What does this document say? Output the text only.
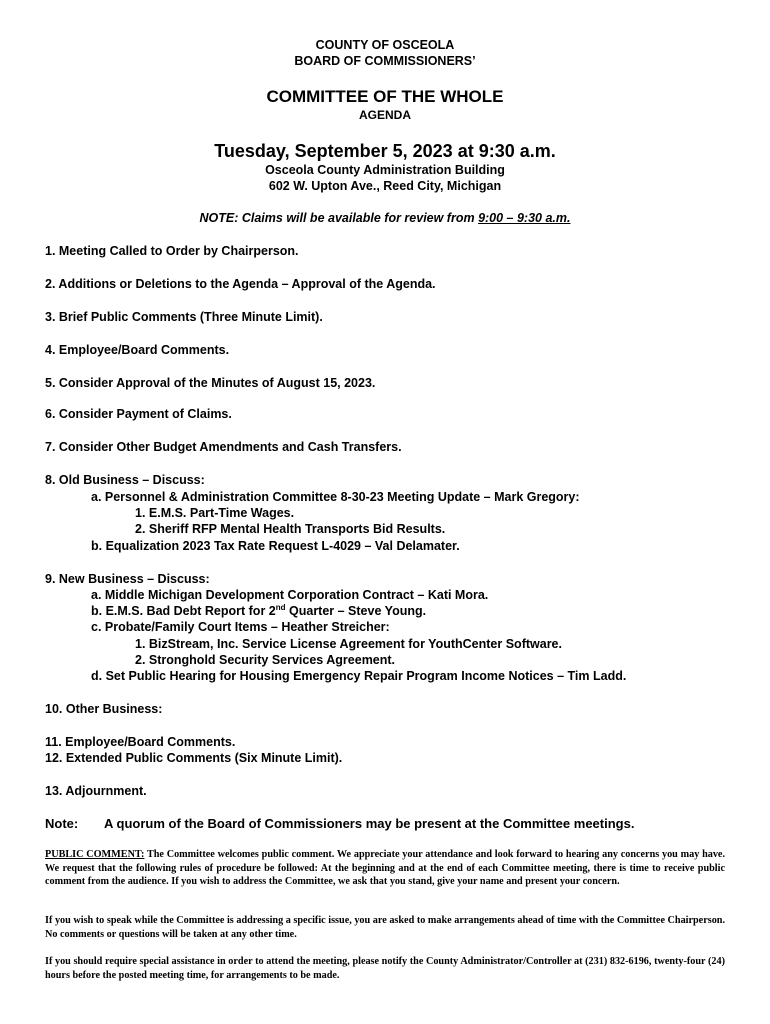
COUNTY OF OSCEOLA
BOARD OF COMMISSIONERS’
COMMITTEE OF THE WHOLE
AGENDA
Tuesday, September 5, 2023 at 9:30 a.m.
Osceola County Administration Building
602 W. Upton Ave., Reed City, Michigan
NOTE: Claims will be available for review from 9:00 – 9:30 a.m.
1. Meeting Called to Order by Chairperson.
2. Additions or Deletions to the Agenda – Approval of the Agenda.
3. Brief Public Comments (Three Minute Limit).
4. Employee/Board Comments.
5. Consider Approval of the Minutes of August 15, 2023.
6. Consider Payment of Claims.
7. Consider Other Budget Amendments and Cash Transfers.
8. Old Business – Discuss:
a. Personnel & Administration Committee 8-30-23 Meeting Update – Mark Gregory:
1. E.M.S. Part-Time Wages.
2. Sheriff RFP Mental Health Transports Bid Results.
b. Equalization 2023 Tax Rate Request L-4029 – Val Delamater.
9. New Business – Discuss:
a. Middle Michigan Development Corporation Contract – Kati Mora.
b. E.M.S. Bad Debt Report for 2nd Quarter – Steve Young.
c. Probate/Family Court Items – Heather Streicher:
1. BizStream, Inc. Service License Agreement for YouthCenter Software.
2. Stronghold Security Services Agreement.
d. Set Public Hearing for Housing Emergency Repair Program Income Notices – Tim Ladd.
10. Other Business:
11. Employee/Board Comments.
12. Extended Public Comments (Six Minute Limit).
13. Adjournment.
Note: A quorum of the Board of Commissioners may be present at the Committee meetings.
PUBLIC COMMENT: The Committee welcomes public comment. We appreciate your attendance and look forward to hearing any concerns you may have. We request that the following rules of procedure be followed: At the beginning and at the end of each Committee meeting, there is time to receive public comment from the audience. If you wish to address the Committee, we ask that you stand, give your name and present your concern.
If you wish to speak while the Committee is addressing a specific issue, you are asked to make arrangements ahead of time with the Committee Chairperson. No comments or questions will be taken at any other time.
If you should require special assistance in order to attend the meeting, please notify the County Administrator/Controller at (231) 832-6196, twenty-four (24) hours before the posted meeting time, for arrangements to be made.
